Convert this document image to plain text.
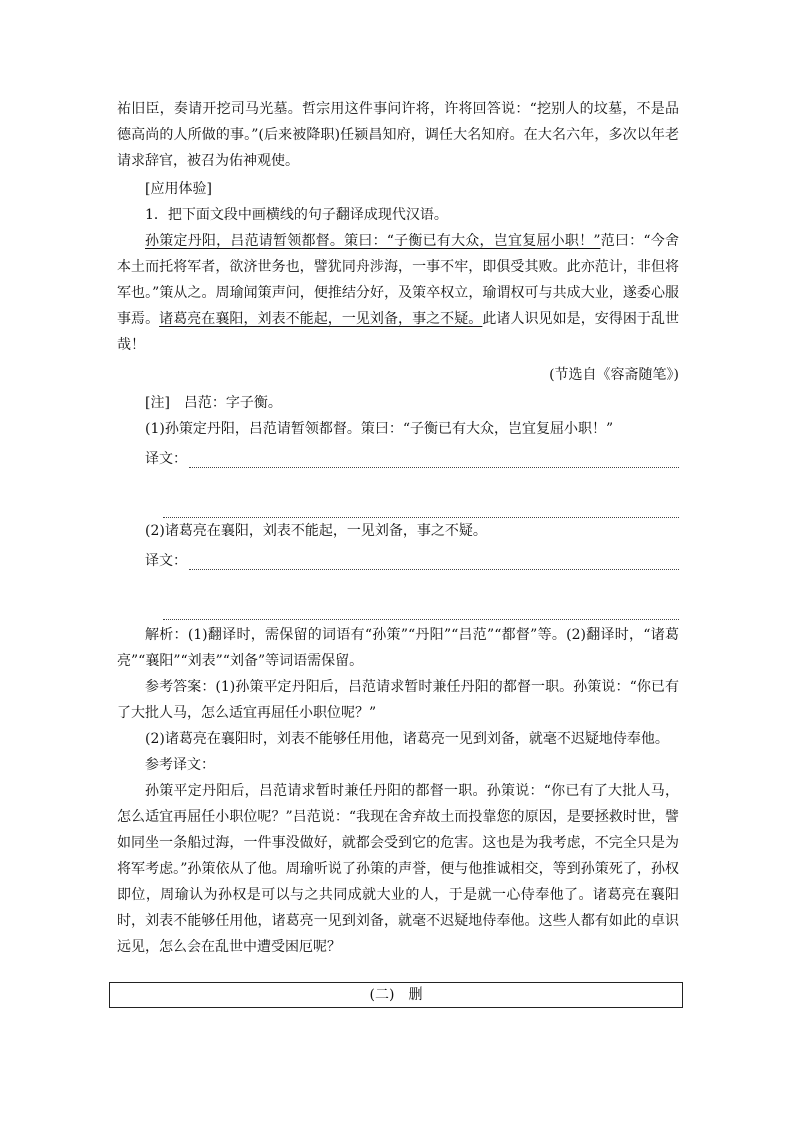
祐旧臣，奏请开挖司马光墓。哲宗用这件事问许将，许将回答说：“挖别人的坟墓，不是品德高尚的人所做的事。”(后来被降职)任颍昌知府，调任大名知府。在大名六年，多次以年老请求辞官，被召为佑神观使。

[应用体验]

1．把下面文段中画横线的句子翻译成现代汉语。

孙策定丹阳，吕范请暂领都督。策曰：“子衡已有大众，岂宜复屈小职！”范曰：“今舍本土而托将军者，欲济世务也，譬犹同舟涉海，一事不牢，即俱受其败。此亦范计，非但将军也。”策从之。周瑜闻策声问，便推结分好，及策卒权立，瑜谓权可与共成大业，遂委心服事焉。诸葛亮在襄阳，刘表不能起，一见刘备，事之不疑。此诸人识见如是，安得困于乱世哉！

(节选自《容斋随笔》)

[注]　吕范：字子衡。

(1)孙策定丹阳，吕范请暂领都督。策曰：“子衡已有大众，岂宜复屈小职！”

译文：

(2)诸葛亮在襄阳，刘表不能起，一见刘备，事之不疑。

译文：

解析：(1)翻译时，需保留的词语有“孙策”“丹阳”“吕范”“都督”等。(2)翻译时，“诸葛亮”“襄阳”“刘表”“刘备”等词语需保留。

参考答案：(1)孙策平定丹阳后，吕范请求暂时兼任丹阳的都督一职。孙策说：“你已有了大批人马，怎么适宜再屈任小职位呢？”

(2)诸葛亮在襄阳时，刘表不能够任用他，诸葛亮一见到刘备，就毫不迟疑地侍奉他。

参考译文：

孙策平定丹阳后，吕范请求暂时兼任丹阳的都督一职。孙策说：“你已有了大批人马，怎么适宜再屈任小职位呢？”吕范说：“我现在舍弃故土而投靠您的原因，是要拯救时世，譬如同坐一条船过海，一件事没做好，就都会受到它的危害。这也是为我考虑，不完全只是为将军考虑。”孙策依从了他。周瑜听说了孙策的声誉，便与他推诚相交，等到孙策死了，孙权即位，周瑜认为孙权是可以与之共同成就大业的人，于是就一心侍奉他了。诸葛亮在襄阳时，刘表不能够任用他，诸葛亮一见到刘备，就毫不迟疑地侍奉他。这些人都有如此的卓识远见，怎么会在乱世中遭受困厄呢？

(二)　删
